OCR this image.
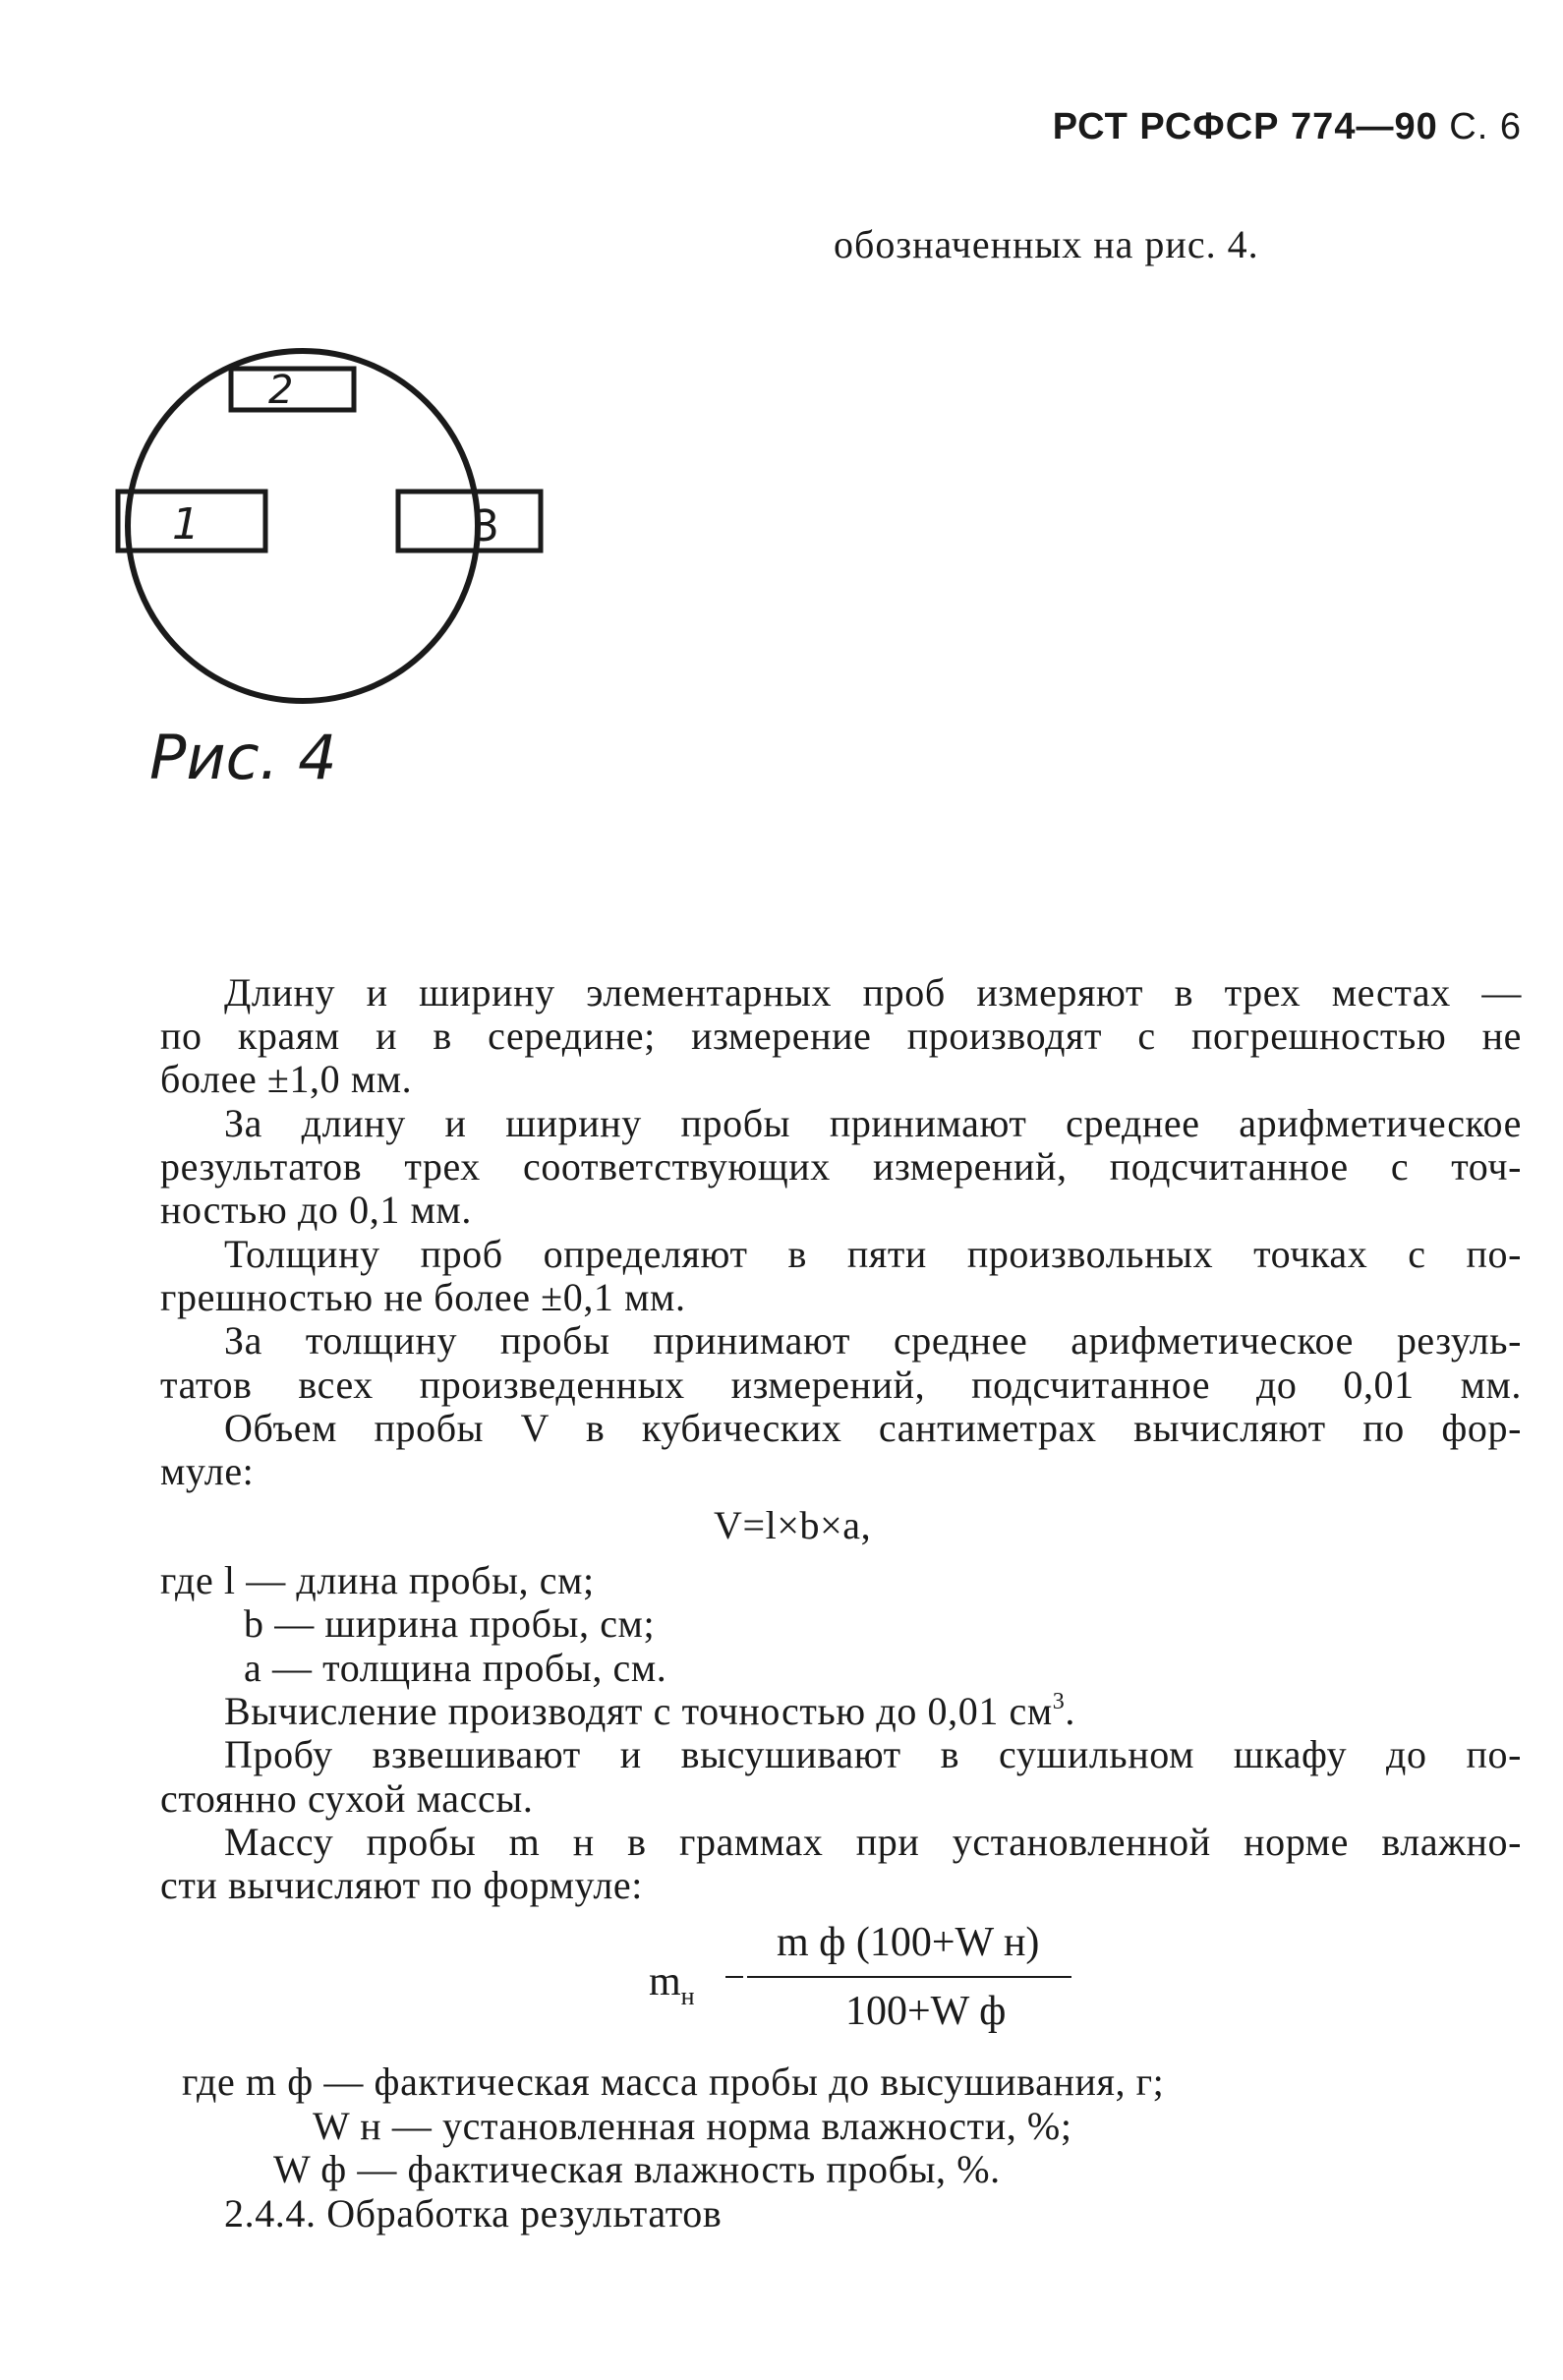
РСТ РСФСР 774—90 С. 6
обозначенных на рис. 4.
2
1	3
Рис. 4

Длину и ширину элементарных проб измеряют в трех местах —

по краям и в середине; измерение производят с погрешностью не

более ±1,0 мм.

За длину и ширину пробы принимают среднее арифметическое

результатов трех соответствующих измерений, подсчитанное с точ-

ностью до 0,1 мм.

Толщину проб определяют в пяти произвольных точках с по-

грешностью не более ±0,1 мм.

За толщину пробы принимают среднее арифметическое резуль-

татов всех произведенных измерений, подсчитанное до 0,01 мм.

Объем пробы V в кубических сантиметрах вычисляют по фор-

муле:

V=l×b×a,

где l — длина пробы, см;

b — ширина пробы, см;

a — толщина пробы, см.

Вычисление производят с точностью до 0,01 $см^3$.

Пробу взвешивают и высушивают в сушильном шкафу до по-

стоянно сухой массы.

Массу пробы m н в граммах при установленной норме влажно-

сти вычисляют по формуле:

$m_н$
m ф (100+W н)
100+W ф

где m ф — фактическая масса пробы до высушивания, г;

W н — установленная норма влажности, %;

W ф — фактическая влажность пробы, %.

2.4.4. Обработка результатов
